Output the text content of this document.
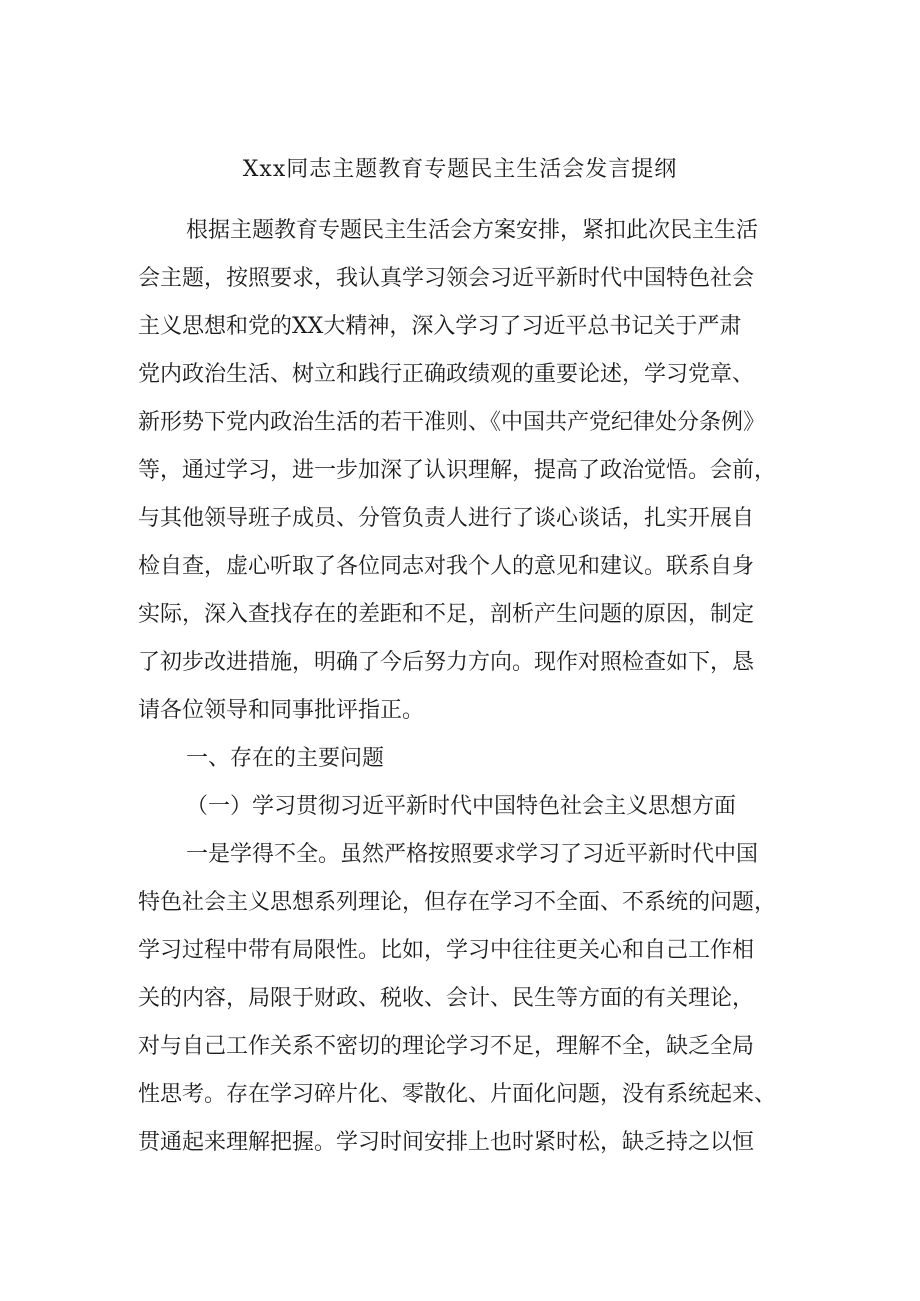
Xxx同志主题教育专题民主生活会发言提纲

根据主题教育专题民主生活会方案安排，紧扣此次民主生活

会主题，按照要求，我认真学习领会习近平新时代中国特色社会

主义思想和党的XX大精神，深入学习了习近平总书记关于严肃

党内政治生活、树立和践行正确政绩观的重要论述，学习党章、

新形势下党内政治生活的若干准则、《中国共产党纪律处分条例》

等，通过学习，进一步加深了认识理解，提高了政治觉悟。会前，

与其他领导班子成员、分管负责人进行了谈心谈话，扎实开展自

检自查，虚心听取了各位同志对我个人的意见和建议。联系自身

实际，深入查找存在的差距和不足，剖析产生问题的原因，制定

了初步改进措施，明确了今后努力方向。现作对照检查如下，恳

请各位领导和同事批评指正。

一、存在的主要问题

（一）学习贯彻习近平新时代中国特色社会主义思想方面

一是学得不全。虽然严格按照要求学习了习近平新时代中国

特色社会主义思想系列理论，但存在学习不全面、不系统的问题，

学习过程中带有局限性。比如，学习中往往更关心和自己工作相

关的内容，局限于财政、税收、会计、民生等方面的有关理论，

对与自己工作关系不密切的理论学习不足，理解不全，缺乏全局

性思考。存在学习碎片化、零散化、片面化问题，没有系统起来、

贯通起来理解把握。学习时间安排上也时紧时松，缺乏持之以恒
